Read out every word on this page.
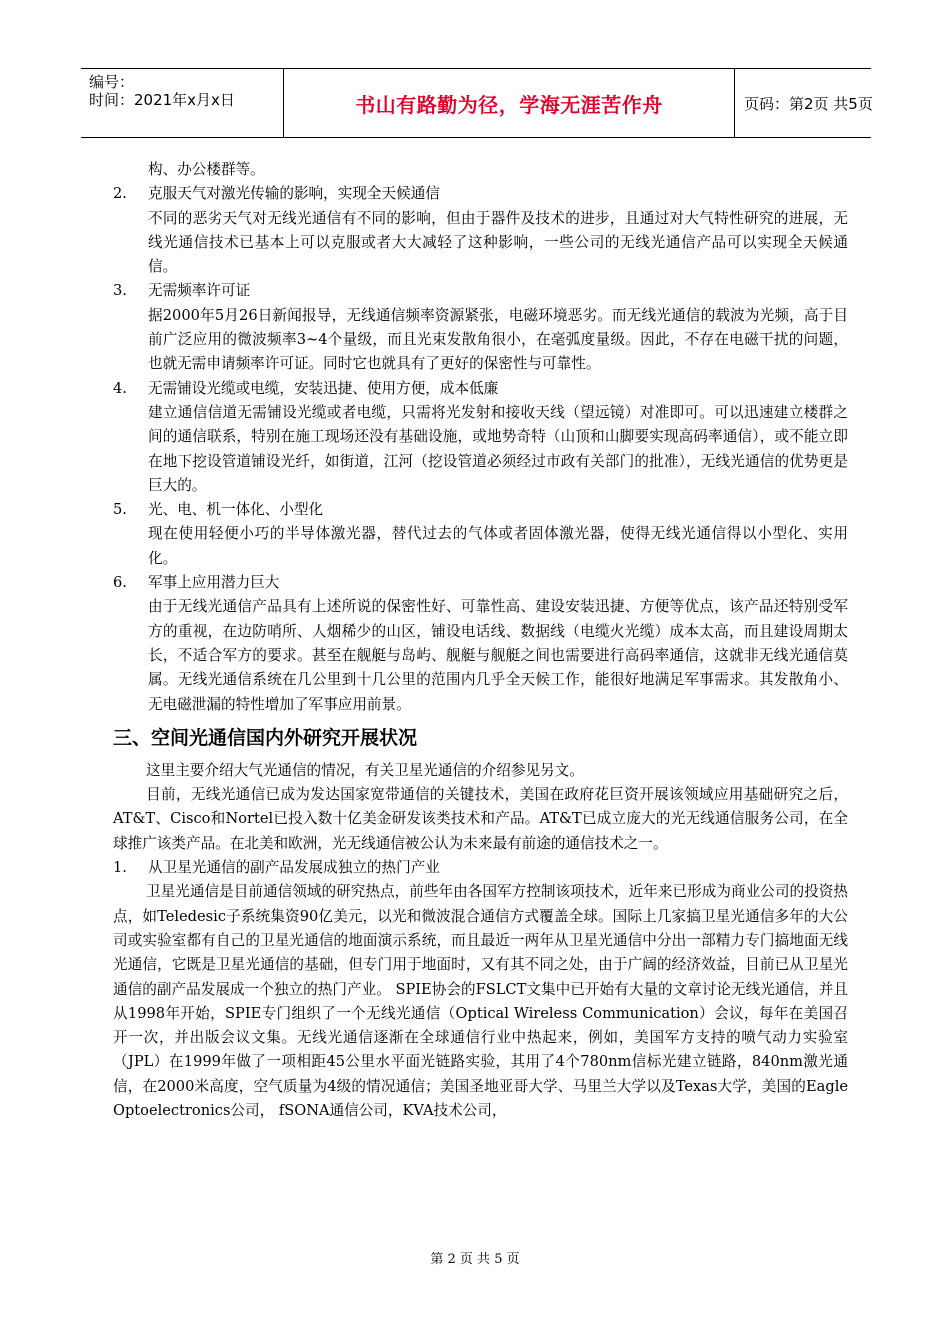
编号：
时间：2021年x月x日	书山有路勤为径，学海无涯苦作舟	页码：第2页 共5页

构、办公楼群等。

2. 克服天气对激光传输的影响，实现全天候通信

不同的恶劣天气对无线光通信有不同的影响，但由于器件及技术的进步，且通过对大气特性研究的进展，无线光通信技术已基本上可以克服或者大大减轻了这种影响，一些公司的无线光通信产品可以实现全天候通信。

3. 无需频率许可证

据2000年5月26日新闻报导，无线通信频率资源紧张，电磁环境恶劣。而无线光通信的载波为光频，高于目前广泛应用的微波频率3~4个量级，而且光束发散角很小，在毫弧度量级。因此，不存在电磁干扰的问题，也就无需申请频率许可证。同时它也就具有了更好的保密性与可靠性。

4. 无需铺设光缆或电缆，安装迅捷、使用方便，成本低廉

建立通信信道无需铺设光缆或者电缆，只需将光发射和接收天线（望远镜）对准即可。可以迅速建立楼群之间的通信联系，特别在施工现场还没有基础设施，或地势奇特（山顶和山脚要实现高码率通信），或不能立即在地下挖设管道铺设光纤，如街道，江河（挖设管道必须经过市政有关部门的批准），无线光通信的优势更是巨大的。

5. 光、电、机一体化、小型化

现在使用轻便小巧的半导体激光器，替代过去的气体或者固体激光器，使得无线光通信得以小型化、实用化。

6. 军事上应用潜力巨大

由于无线光通信产品具有上述所说的保密性好、可靠性高、建设安装迅捷、方便等优点，该产品还特别受军方的重视，在边防哨所、人烟稀少的山区，铺设电话线、数据线（电缆火光缆）成本太高，而且建设周期太长，不适合军方的要求。甚至在舰艇与岛屿、舰艇与舰艇之间也需要进行高码率通信，这就非无线光通信莫属。无线光通信系统在几公里到十几公里的范围内几乎全天候工作，能很好地满足军事需求。其发散角小、无电磁泄漏的特性增加了军事应用前景。

三、空间光通信国内外研究开展状况

这里主要介绍大气光通信的情况，有关卫星光通信的介绍参见另文。

目前，无线光通信已成为发达国家宽带通信的关键技术，美国在政府花巨资开展该领域应用基础研究之后，AT&T、Cisco和Nortel已投入数十亿美金研发该类技术和产品。AT&T已成立庞大的光无线通信服务公司，在全球推广该类产品。在北美和欧洲，光无线通信被公认为未来最有前途的通信技术之一。

1. 从卫星光通信的副产品发展成独立的热门产业

卫星光通信是目前通信领域的研究热点，前些年由各国军方控制该项技术，近年来已形成为商业公司的投资热点，如Teledesic子系统集资90亿美元，以光和微波混合通信方式覆盖全球。国际上几家搞卫星光通信多年的大公司或实验室都有自己的卫星光通信的地面演示系统，而且最近一两年从卫星光通信中分出一部精力专门搞地面无线光通信，它既是卫星光通信的基础，但专门用于地面时，又有其不同之处，由于广阔的经济效益，目前已从卫星光通信的副产品发展成一个独立的热门产业。 SPIE协会的FSLCT文集中已开始有大量的文章讨论无线光通信，并且从1998年开始，SPIE专门组织了一个无线光通信（Optical Wireless Communication）会议，每年在美国召开一次，并出版会议文集。无线光通信逐渐在全球通信行业中热起来，例如，美国军方支持的喷气动力实验室（JPL）在1999年做了一项相距45公里水平面光链路实验，其用了4个780nm信标光建立链路，840nm激光通信，在2000米高度，空气质量为4级的情况通信；美国圣地亚哥大学、马里兰大学以及Texas大学，美国的Eagle Optoelectronics公司， fSONA通信公司，KVA技术公司，

第 2 页 共 5 页
